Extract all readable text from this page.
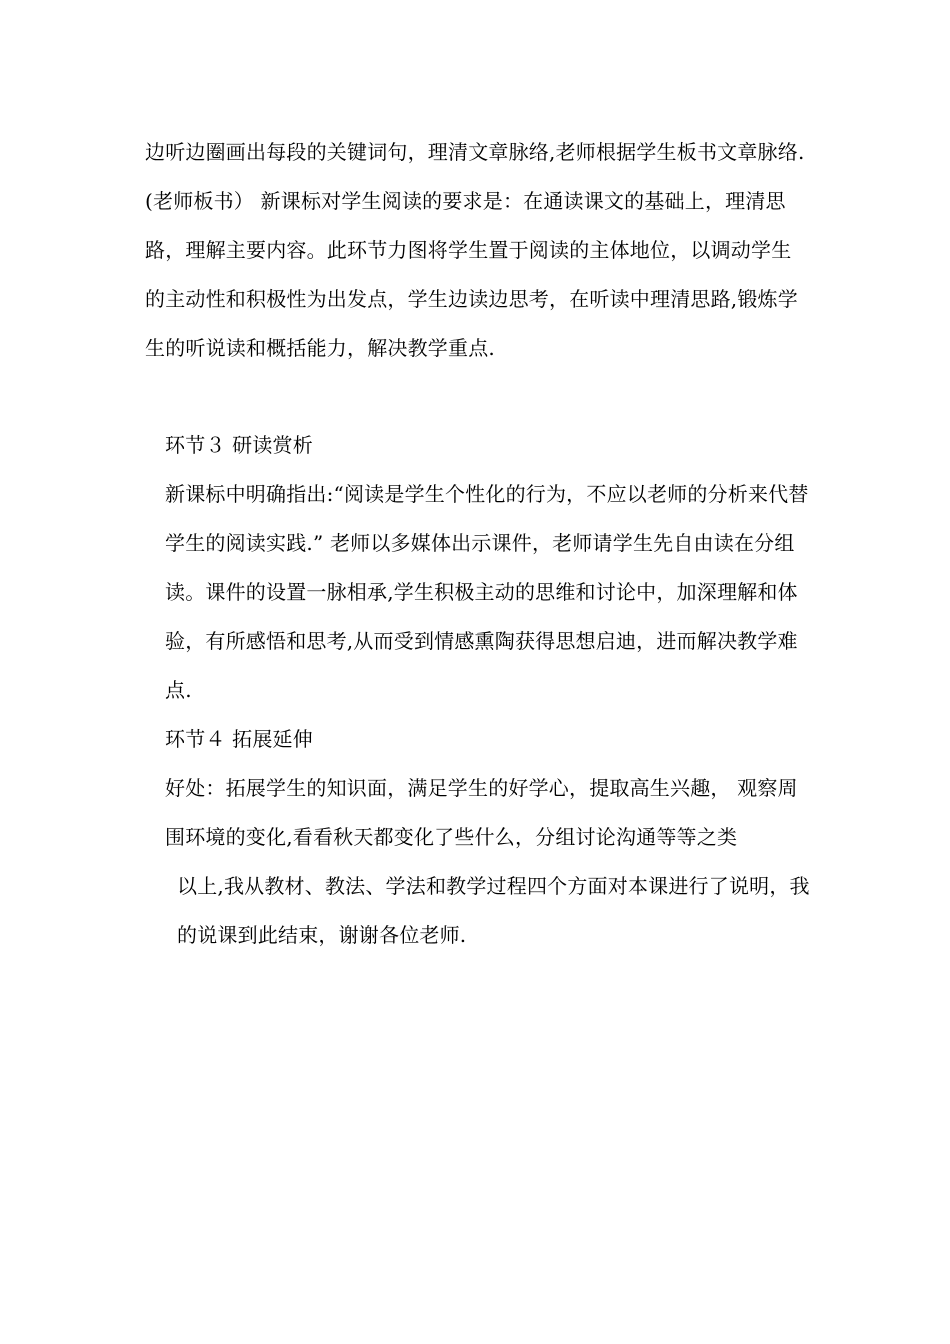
边听边圈画出每段的关键词句，理清文章脉络,老师根据学生板书文章脉络.(老师板书） 新课标对学生阅读的要求是：在通读课文的基础上，理清思路，理解主要内容。此环节力图将学生置于阅读的主体地位，以调动学生的主动性和积极性为出发点，学生边读边思考，在听读中理清思路,锻炼学生的听说读和概括能力，解决教学重点.

环节３ 研读赏析

新课标中明确指出:“阅读是学生个性化的行为，不应以老师的分析来代替学生的阅读实践.” 老师以多媒体出示课件，老师请学生先自由读在分组读。课件的设置一脉相承,学生积极主动的思维和讨论中，加深理解和体验，有所感悟和思考,从而受到情感熏陶获得思想启迪，进而解决教学难点.

环节４ 拓展延伸

好处：拓展学生的知识面，满足学生的好学心，提取高生兴趣， 观察周围环境的变化,看看秋天都变化了些什么，分组讨论沟通等等之类

以上,我从教材、教法、学法和教学过程四个方面对本课进行了说明，我的说课到此结束，谢谢各位老师.
